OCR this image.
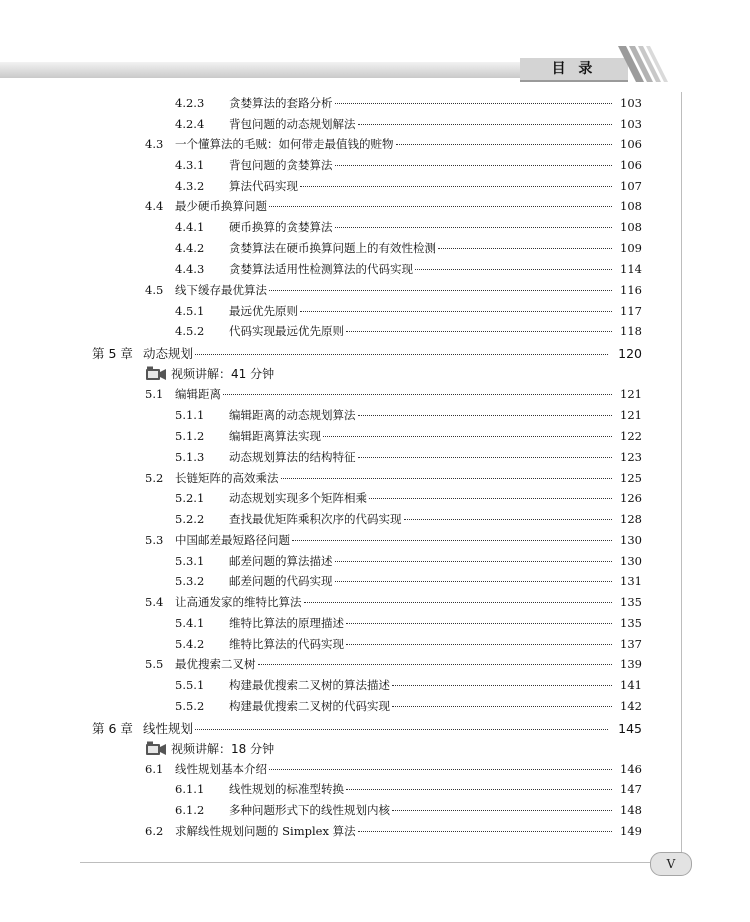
目 录
V
4.2.3	贪婪算法的套路分析	103
4.2.4	背包问题的动态规划解法	103
4.3	一个懂算法的毛贼：如何带走最值钱的赃物	106
4.3.1	背包问题的贪婪算法	106
4.3.2	算法代码实现	107
4.4	最少硬币换算问题	108
4.4.1	硬币换算的贪婪算法	108
4.4.2	贪婪算法在硬币换算问题上的有效性检测	109
4.4.3	贪婪算法适用性检测算法的代码实现	114
4.5	线下缓存最优算法	116
4.5.1	最远优先原则	117
4.5.2	代码实现最远优先原则	118
第 5 章 动态规划	120
视频讲解：41 分钟
5.1	编辑距离	121
5.1.1	编辑距离的动态规划算法	121
5.1.2	编辑距离算法实现	122
5.1.3	动态规划算法的结构特征	123
5.2	长链矩阵的高效乘法	125
5.2.1	动态规划实现多个矩阵相乘	126
5.2.2	查找最优矩阵乘积次序的代码实现	128
5.3	中国邮差最短路径问题	130
5.3.1	邮差问题的算法描述	130
5.3.2	邮差问题的代码实现	131
5.4	让高通发家的维特比算法	135
5.4.1	维特比算法的原理描述	135
5.4.2	维特比算法的代码实现	137
5.5	最优搜索二叉树	139
5.5.1	构建最优搜索二叉树的算法描述	141
5.5.2	构建最优搜索二叉树的代码实现	142
第 6 章 线性规划	145
视频讲解：18 分钟
6.1	线性规划基本介绍	146
6.1.1	线性规划的标准型转换	147
6.1.2	多种问题形式下的线性规划内核	148
6.2	求解线性规划问题的 Simplex 算法	149
